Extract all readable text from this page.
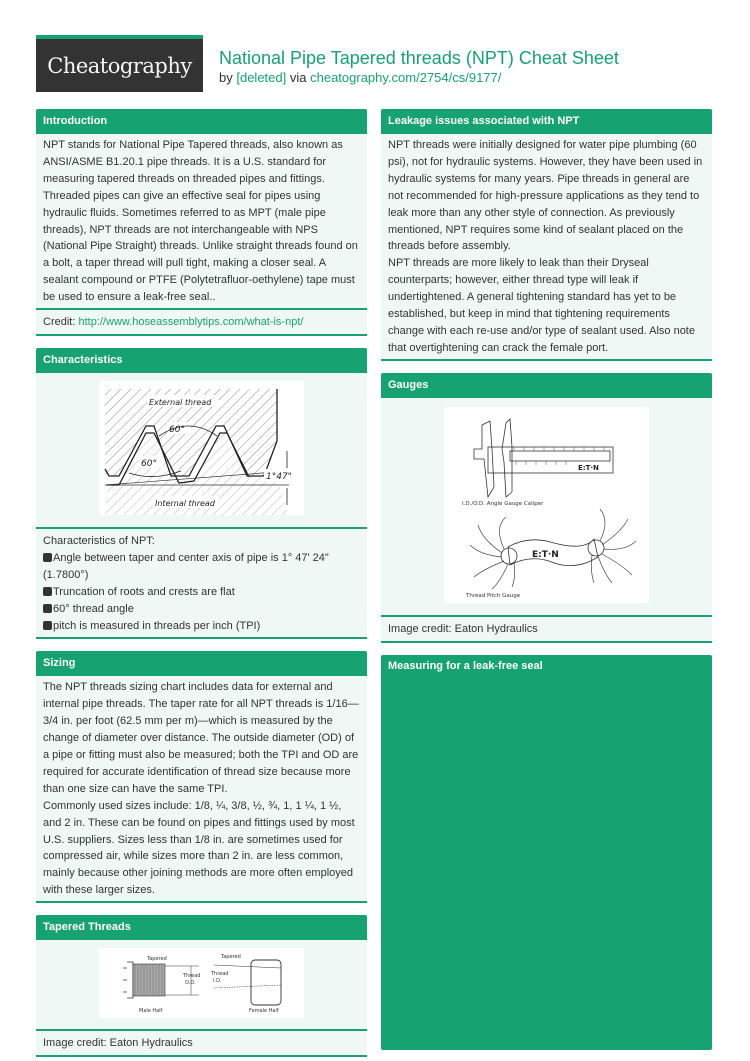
Cheatography National Pipe Tapered threads (NPT) Cheat Sheet
by [deleted] via cheatography.com/2754/cs/9177/
Introduction
NPT stands for National Pipe Tapered threads, also known as ANSI/ASME B1.20.1 pipe threads. It is a U.S. standard for measuring tapered threads on threaded pipes and fittings. Threaded pipes can give an effective seal for pipes using hydraulic fluids. Sometimes referred to as MPT (male pipe threads), NPT threads are not interchangeable with NPS (National Pipe Straight) threads. Unlike straight threads found on a bolt, a taper thread will pull tight, making a closer seal. A sealant compound or PTFE (Polytetrafluor-oethylene) tape must be used to ensure a leak-free seal..
Credit: http://www.hoseassemblytips.com/what-is-npt/
Characteristics
External thread
60°
60°
1°47"
Internal thread
Characteristics of NPT:
Angle between taper and center axis of pipe is 1° 47' 24" (1.7800°)
Truncation of roots and crests are flat
60° thread angle
pitch is measured in threads per inch (TPI)
Sizing
The NPT threads sizing chart includes data for external and internal pipe threads. The taper rate for all NPT threads is 1/16—3/4 in. per foot (62.5 mm per m)—which is measured by the change of diameter over distance. The outside diameter (OD) of a pipe or fitting must also be measured; both the TPI and OD are required for accurate identification of thread size because more than one size can have the same TPI.
Commonly used sizes include: 1/8, ¼, 3/8, ½, ¾, 1, 1 ¼, 1 ½, and 2 in. These can be found on pipes and fittings used by most U.S. suppliers. Sizes less than 1/8 in. are sometimes used for compressed air, while sizes more than 2 in. are less common, mainly because other joining methods are more often employed with these larger sizes.
Tapered Threads
Tapered
Thread
O.D.
Male Half
Tapered
Thread
I.D.
Female Half
Image credit: Eaton Hydraulics
Leakage issues associated with NPT
NPT threads were initially designed for water pipe plumbing (60 psi), not for hydraulic systems. However, they have been used in hydraulic systems for many years. Pipe threads in general are not recommended for high-pressure applications as they tend to leak more than any other style of connection. As previously mentioned, NPT requires some kind of sealant placed on the threads before assembly.
NPT threads are more likely to leak than their Dryseal counterparts; however, either thread type will leak if undertightened. A general tightening standard has yet to be established, but keep in mind that tightening requirements change with each re-use and/or type of sealant used. Also note that overtightening can crack the female port.
Gauges
E:T·N
I.D./O.D. Angle Gauge Caliper
E:T·N
Thread Pitch Gauge
Image credit: Eaton Hydraulics
Measuring for a leak-free seal
